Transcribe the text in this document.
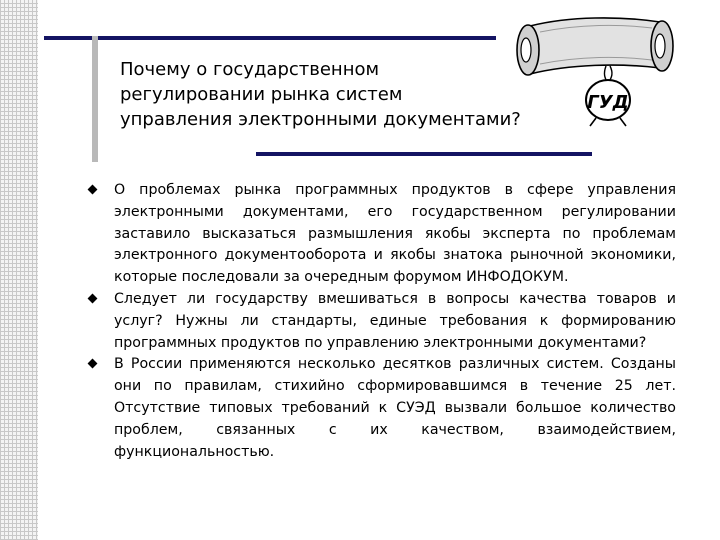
Почему о государственном
регулировании рынка систем
управления электронными документами?
ГУД
О проблемах рынка программных продуктов в сфере управления электронными документами, его государственном регулировании заставило высказаться размышления якобы эксперта по проблемам электронного документооборота и якобы знатока рыночной экономики, которые последовали за очередным форумом ИНФОДОКУМ.
Следует ли государству вмешиваться в вопросы качества товаров и услуг? Нужны ли стандарты, единые требования к формированию программных продуктов по управлению электронными документами?
В России применяются несколько десятков различных систем. Созданы они по правилам, стихийно сформировавшимся в течение 25 лет. Отсутствие типовых требований к СУЭД вызвали большое количество проблем, связанных с их качеством, взаимодействием, функциональностью.
